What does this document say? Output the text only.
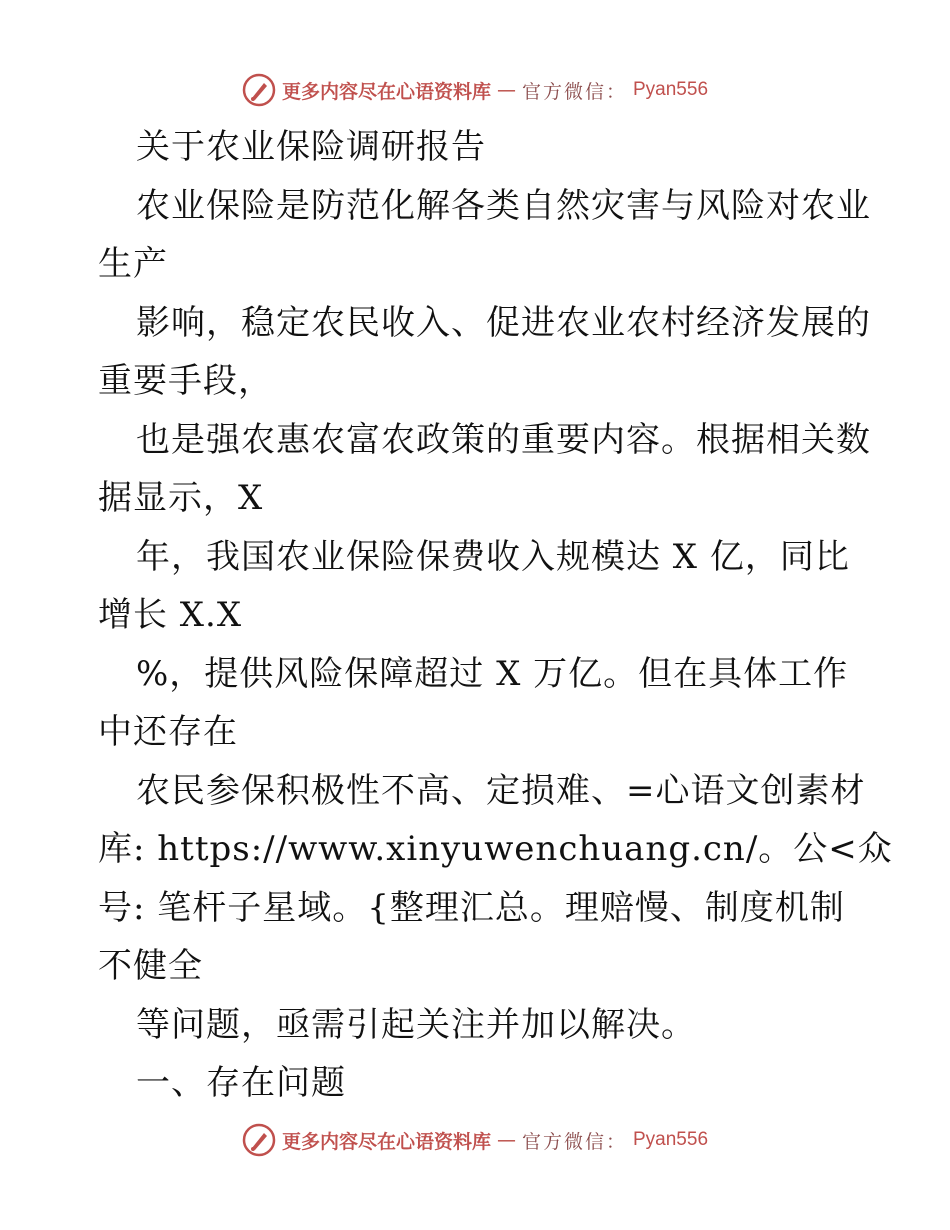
更多内容尽在心语资料库 — 官方微信： Pyan556
关于农业保险调研报告
农业保险是防范化解各类自然灾害与风险对农业
生产
影响，稳定农民收入、促进农业农村经济发展的
重要手段，
也是强农惠农富农政策的重要内容。根据相关数
据显示，X
年，我国农业保险保费收入规模达 X 亿，同比
增长 X.X
%，提供风险保障超过 X 万亿。但在具体工作
中还存在
农民参保积极性不高、定损难、=心语文创素材
库: https://www.xinyuwenchuang.cn/。公<众
号: 笔杆子星域。{整理汇总。理赔慢、制度机制
不健全
等问题，亟需引起关注并加以解决。
一、存在问题
更多内容尽在心语资料库 — 官方微信： Pyan556
